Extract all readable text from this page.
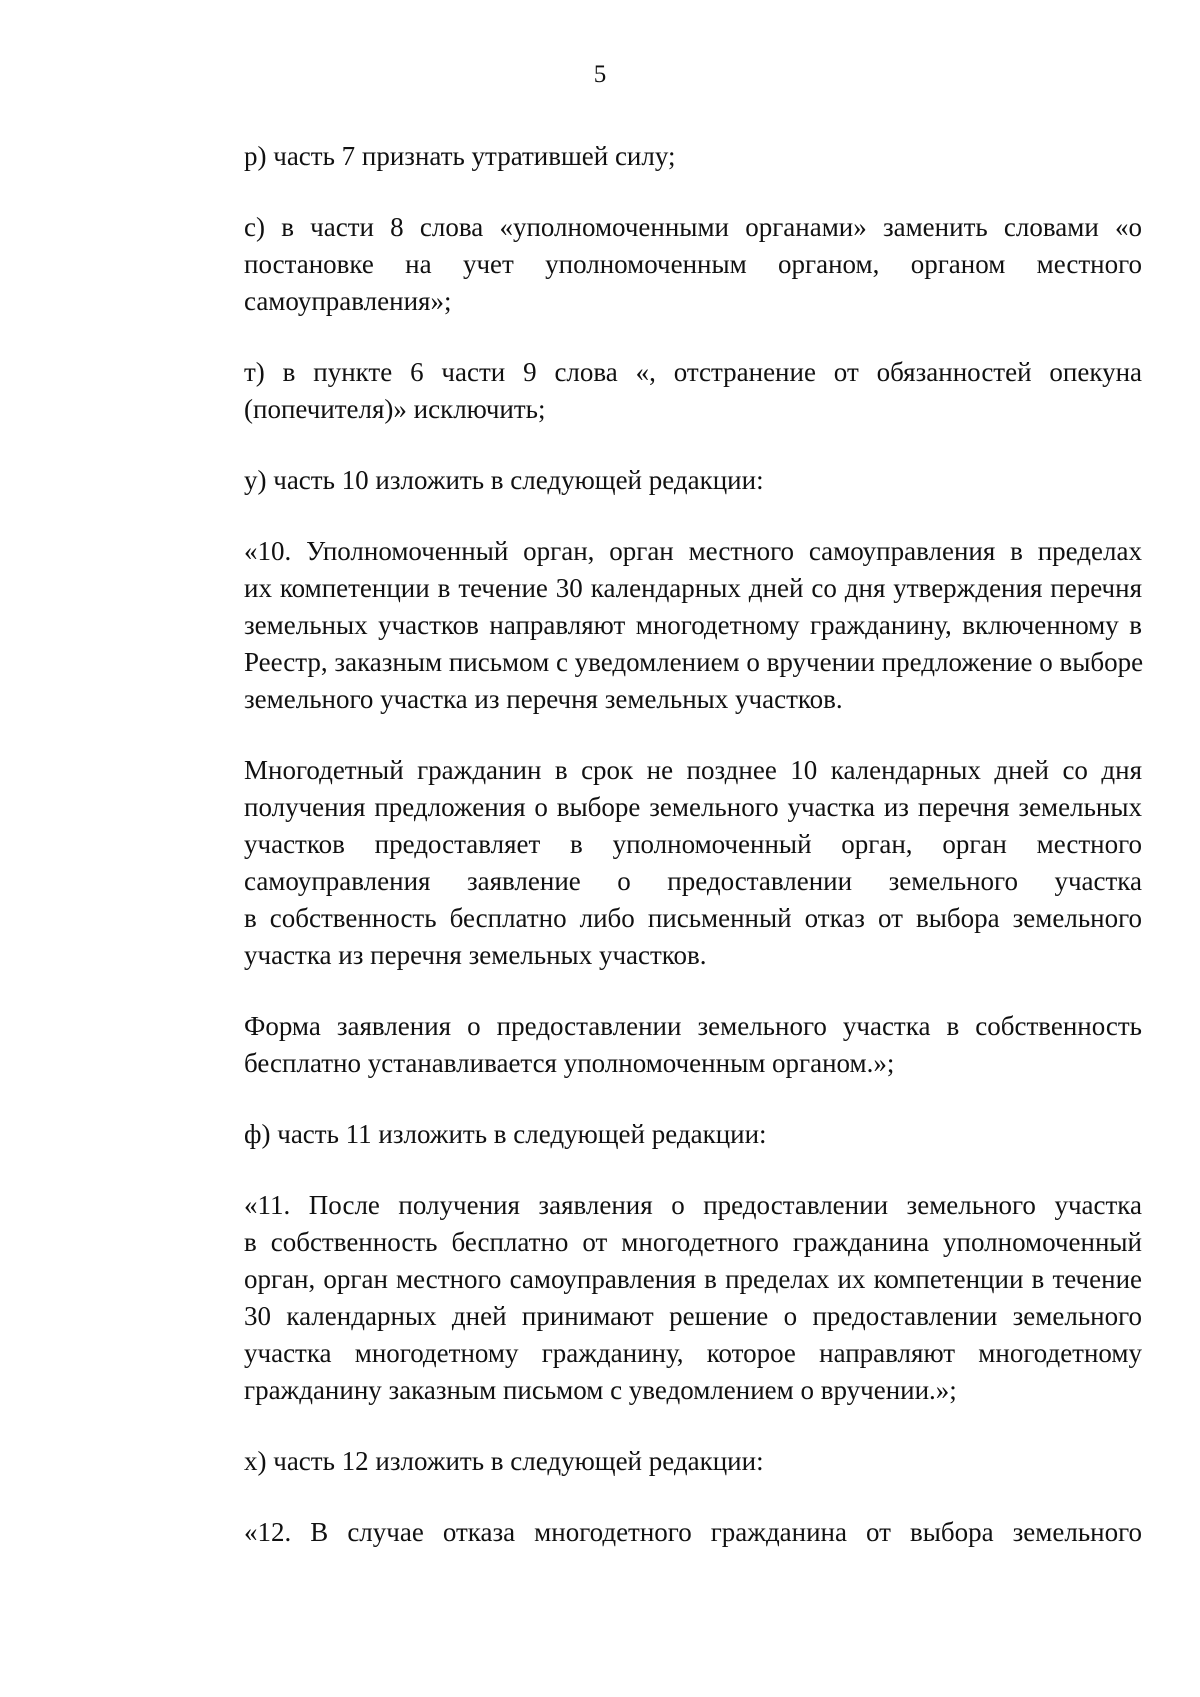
5

р) часть 7 признать утратившей силу;

с) в части 8 слова «уполномоченными органами» заменить словами «о
постановке на учет уполномоченным органом, органом местного
самоуправления»;

т) в пункте 6 части 9 слова «, отстранение от обязанностей опекуна
(попечителя)» исключить;

у) часть 10 изложить в следующей редакции:

«10. Уполномоченный орган, орган местного самоуправления в пределах
их компетенции в течение 30 календарных дней со дня утверждения перечня
земельных участков направляют многодетному гражданину, включенному в
Реестр, заказным письмом с уведомлением о вручении предложение о выборе
земельного участка из перечня земельных участков.

Многодетный гражданин в срок не позднее 10 календарных дней со дня
получения предложения о выборе земельного участка из перечня земельных
участков предоставляет в уполномоченный орган, орган местного
самоуправления заявление о предоставлении земельного участка
в собственность бесплатно либо письменный отказ от выбора земельного
участка из перечня земельных участков.

Форма заявления о предоставлении земельного участка в собственность
бесплатно устанавливается уполномоченным органом.»;

ф) часть 11 изложить в следующей редакции:

«11. После получения заявления о предоставлении земельного участка
в собственность бесплатно от многодетного гражданина уполномоченный
орган, орган местного самоуправления в пределах их компетенции в течение
30 календарных дней принимают решение о предоставлении земельного
участка многодетному гражданину, которое направляют многодетному
гражданину заказным письмом с уведомлением о вручении.»;

х) часть 12 изложить в следующей редакции:

«12. В случае отказа многодетного гражданина от выбора земельного
